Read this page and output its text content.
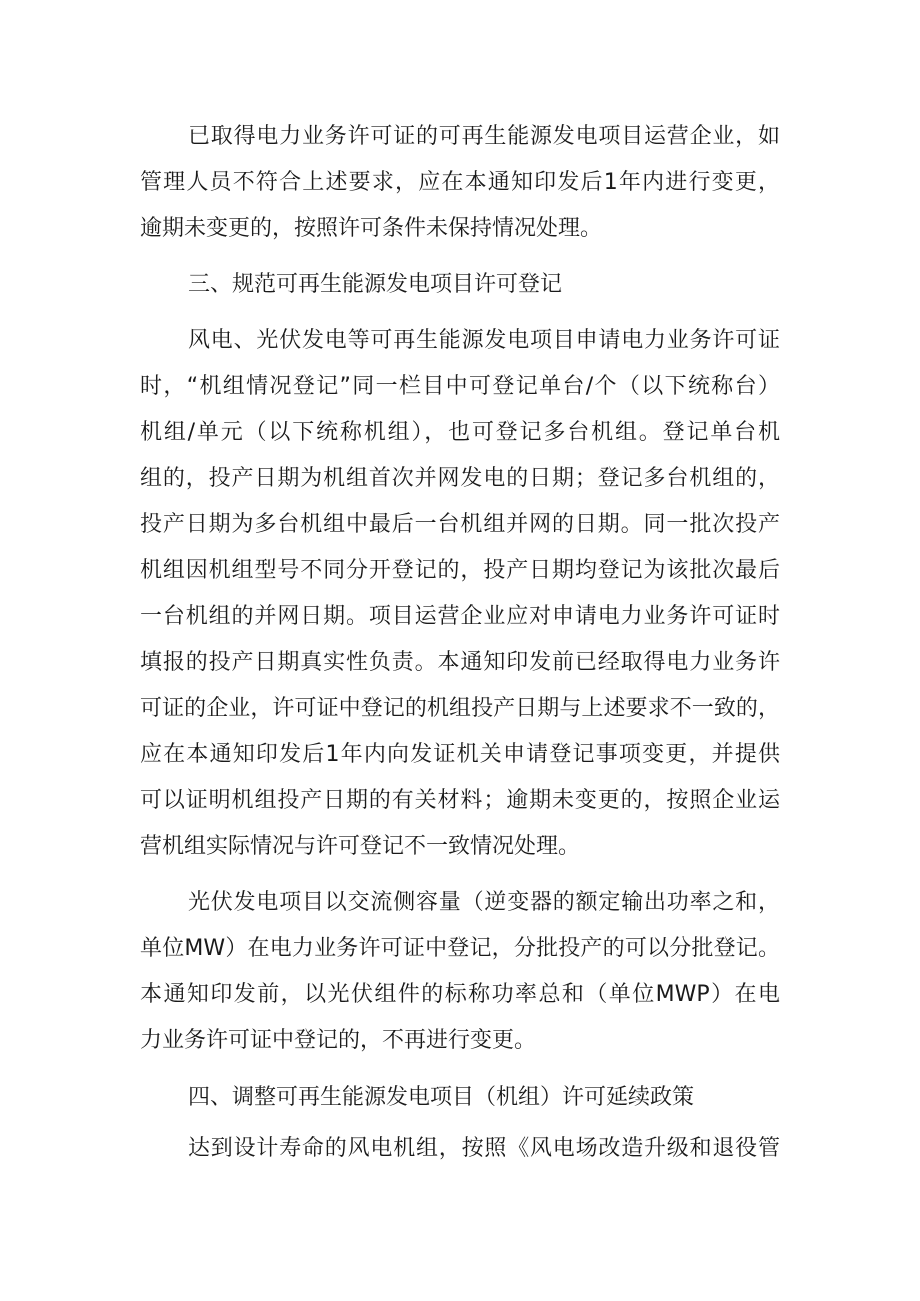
已取得电力业务许可证的可再生能源发电项目运营企业，如
管理人员不符合上述要求，应在本通知印发后1年内进行变更，
逾期未变更的，按照许可条件未保持情况处理。
三、规范可再生能源发电项目许可登记
风电、光伏发电等可再生能源发电项目申请电力业务许可证
时，“机组情况登记”同一栏目中可登记单台/个（以下统称台）
机组/单元（以下统称机组），也可登记多台机组。登记单台机
组的，投产日期为机组首次并网发电的日期；登记多台机组的，
投产日期为多台机组中最后一台机组并网的日期。同一批次投产
机组因机组型号不同分开登记的，投产日期均登记为该批次最后
一台机组的并网日期。项目运营企业应对申请电力业务许可证时
填报的投产日期真实性负责。本通知印发前已经取得电力业务许
可证的企业，许可证中登记的机组投产日期与上述要求不一致的，
应在本通知印发后1年内向发证机关申请登记事项变更，并提供
可以证明机组投产日期的有关材料；逾期未变更的，按照企业运
营机组实际情况与许可登记不一致情况处理。
光伏发电项目以交流侧容量（逆变器的额定输出功率之和，
单位MW）在电力业务许可证中登记，分批投产的可以分批登记。
本通知印发前，以光伏组件的标称功率总和（单位MWP）在电
力业务许可证中登记的，不再进行变更。
四、调整可再生能源发电项目（机组）许可延续政策
达到设计寿命的风电机组，按照《风电场改造升级和退役管
